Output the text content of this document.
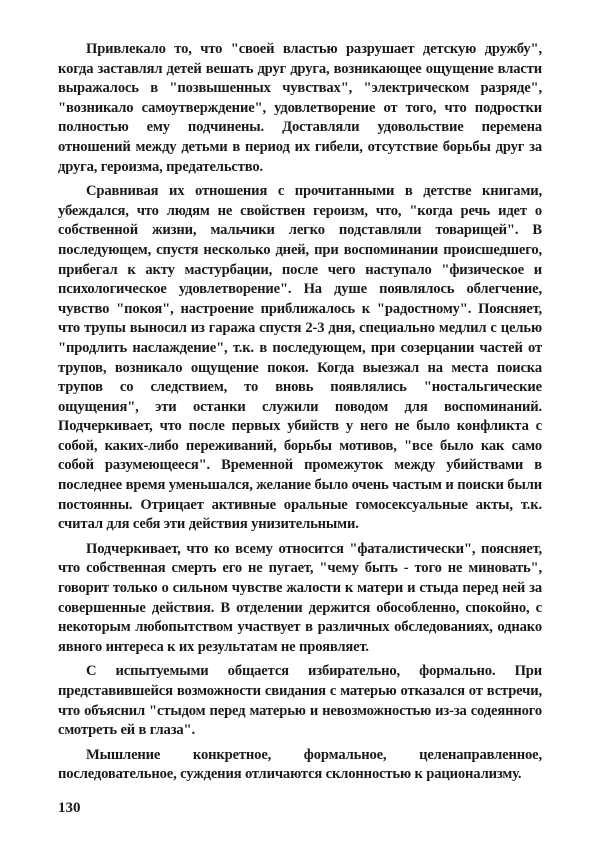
Привлекало то, что "своей властью разрушает детскую дружбу", когда заставлял детей вешать друг друга, возникающее ощущение власти выражалось в "позвышенных чувствах", "электрическом разряде", "возникало самоутверждение", удовлетворение от того, что подростки полностью ему подчинены. Доставляли удовольствие перемена отношений между детьми в период их гибели, отсутствие борьбы друг за друга, героизма, предательство.

Сравнивая их отношения с прочитанными в детстве книгами, убеждался, что людям не свойствен героизм, что, "когда речь идет о собственной жизни, мальчики легко подставляли товарищей". В последующем, спустя несколько дней, при воспоминании происшедшего, прибегал к акту мастурбации, после чего наступало "физическое и психологическое удовлетворение". На душе появлялось облегчение, чувство "покоя", настроение приближалось к "радостному". Поясняет, что трупы выносил из гаража спустя 2-3 дня, специально медлил с целью "продлить наслаждение", т.к. в последующем, при созерцании частей от трупов, возникало ощущение покоя. Когда выезжал на места поиска трупов со следствием, то вновь появлялись "ностальгические ощущения", эти останки служили поводом для воспоминаний. Подчеркивает, что после первых убийств у него не было конфликта с собой, каких-либо переживаний, борьбы мотивов, "все было как само собой разумеющееся". Временной промежуток между убийствами в последнее время уменьшался, желание было очень частым и поиски были постоянны. Отрицает активные оральные гомосексуальные акты, т.к. считал для себя эти действия унизительными.

Подчеркивает, что ко всему относится "фаталистически", поясняет, что собственная смерть его не пугает, "чему быть - того не миновать", говорит только о сильном чувстве жалости к матери и стыда перед ней за совершенные действия. В отделении держится обособленно, спокойно, с некоторым любопытством участвует в различных обследованиях, однако явного интереса к их результатам не проявляет.

С испытуемыми общается избирательно, формально. При представившейся возможности свидания с матерью отказался от встречи, что объяснил "стыдом перед матерью и невозможностью из-за содеянного смотреть ей в глаза".

Мышление конкретное, формальное, целенаправленное, последовательное, суждения отличаются склонностью к рационализму.

130
